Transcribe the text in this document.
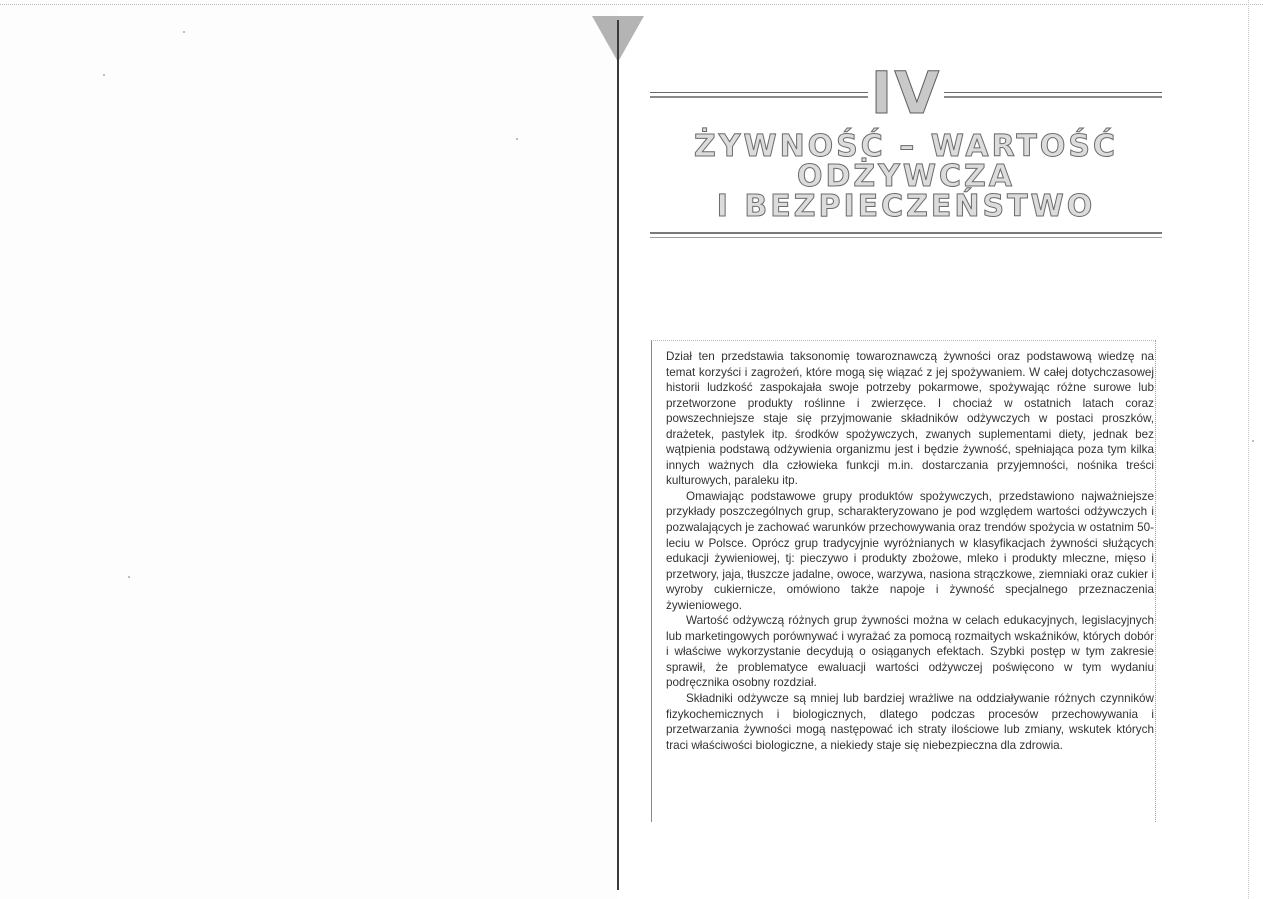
IV
ŻYWNOŚĆ – WARTOŚĆ ODŻYWCZA
I BEZPIECZEŃSTWO

Dział ten przedstawia taksonomię towaroznawczą żywności oraz podstawową wiedzę na temat korzyści i zagrożeń, które mogą się wiązać z jej spożywaniem. W całej dotychczasowej historii ludzkość zaspokajała swoje potrzeby pokarmowe, spożywając różne surowe lub przetworzone produkty roślinne i zwierzęce. I chociaż w ostatnich latach coraz powszechniejsze staje się przyjmowanie składników odżywczych w postaci proszków, drażetek, pastylek itp. środków spożywczych, zwanych suplementami diety, jednak bez wątpienia podstawą odżywienia organizmu jest i będzie żywność, spełniająca poza tym kilka innych ważnych dla człowieka funkcji m.in. dostarczania przyjemności, nośnika treści kulturowych, paraleku itp.

Omawiając podstawowe grupy produktów spożywczych, przedstawiono najważniejsze przykłady poszczególnych grup, scharakteryzowano je pod względem wartości odżywczych i pozwalających je zachować warunków przechowywania oraz trendów spożycia w ostatnim 50-leciu w Polsce. Oprócz grup tradycyjnie wyróżnianych w klasyfikacjach żywności służących edukacji żywieniowej, tj: pieczywo i produkty zbożowe, mleko i produkty mleczne, mięso i przetwory, jaja, tłuszcze jadalne, owoce, warzywa, nasiona strączkowe, ziemniaki oraz cukier i wyroby cukiernicze, omówiono także napoje i żywność specjalnego przeznaczenia żywieniowego.

Wartość odżywczą różnych grup żywności można w celach edukacyjnych, legislacyjnych lub marketingowych porównywać i wyrażać za pomocą rozmaitych wskaźników, których dobór i właściwe wykorzystanie decydują o osiąganych efektach. Szybki postęp w tym zakresie sprawił, że problematyce ewaluacji wartości odżywczej poświęcono w tym wydaniu podręcznika osobny rozdział.

Składniki odżywcze są mniej lub bardziej wrażliwe na oddziaływanie różnych czynników fizykochemicznych i biologicznych, dlatego podczas procesów przechowywania i przetwarzania żywności mogą następować ich straty ilościowe lub zmiany, wskutek których traci właściwości biologiczne, a niekiedy staje się niebezpieczna dla zdrowia.
